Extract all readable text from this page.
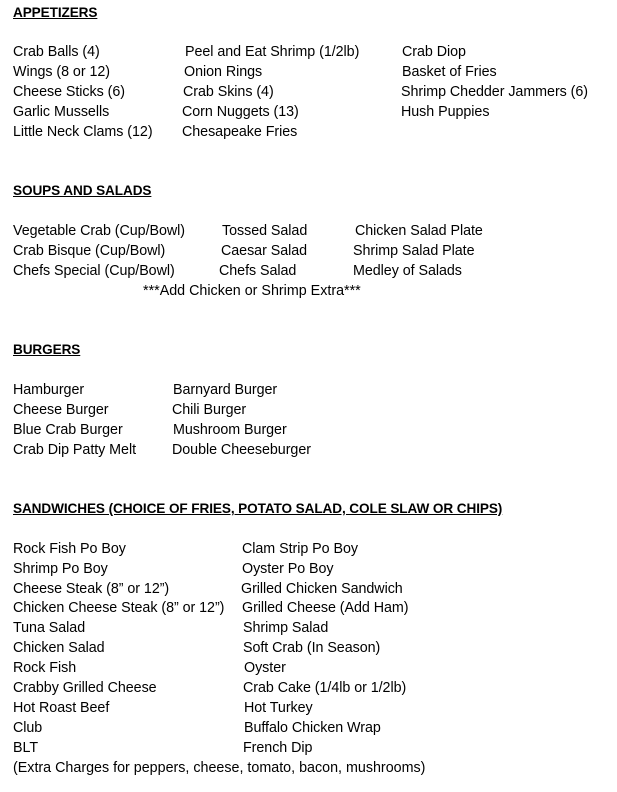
APPETIZERS
Crab Balls (4)
Wings (8 or 12)
Cheese Sticks (6)
Garlic Mussells
Little Neck Clams (12)
Peel and Eat Shrimp (1/2lb)
Onion Rings
Crab Skins (4)
Corn Nuggets (13)
Chesapeake Fries
Crab Diop
Basket of Fries
Shrimp Chedder Jammers (6)
Hush Puppies
SOUPS AND SALADS
Vegetable Crab (Cup/Bowl)
Crab Bisque (Cup/Bowl)
Chefs Special (Cup/Bowl)
Tossed Salad
Caesar Salad
Chefs Salad
Chicken Salad Plate
Shrimp Salad Plate
Medley of Salads
***Add Chicken or Shrimp Extra***
BURGERS
Hamburger
Cheese Burger
Blue Crab Burger
Crab Dip Patty Melt
Barnyard Burger
Chili Burger
Mushroom Burger
Double Cheeseburger
SANDWICHES (CHOICE OF FRIES, POTATO SALAD, COLE SLAW OR CHIPS)
Rock Fish Po Boy
Shrimp Po Boy
Cheese Steak (8” or 12”)
Chicken Cheese Steak (8” or 12”)
Tuna Salad
Chicken Salad
Rock Fish
Crabby Grilled Cheese
Hot Roast Beef
Club
BLT
Clam Strip Po Boy
Oyster Po Boy
Grilled Chicken Sandwich
Grilled Cheese (Add Ham)
Shrimp Salad
Soft Crab (In Season)
Oyster
Crab Cake (1/4lb or 1/2lb)
Hot Turkey
Buffalo Chicken Wrap
French Dip
(Extra Charges for peppers, cheese, tomato, bacon, mushrooms)
